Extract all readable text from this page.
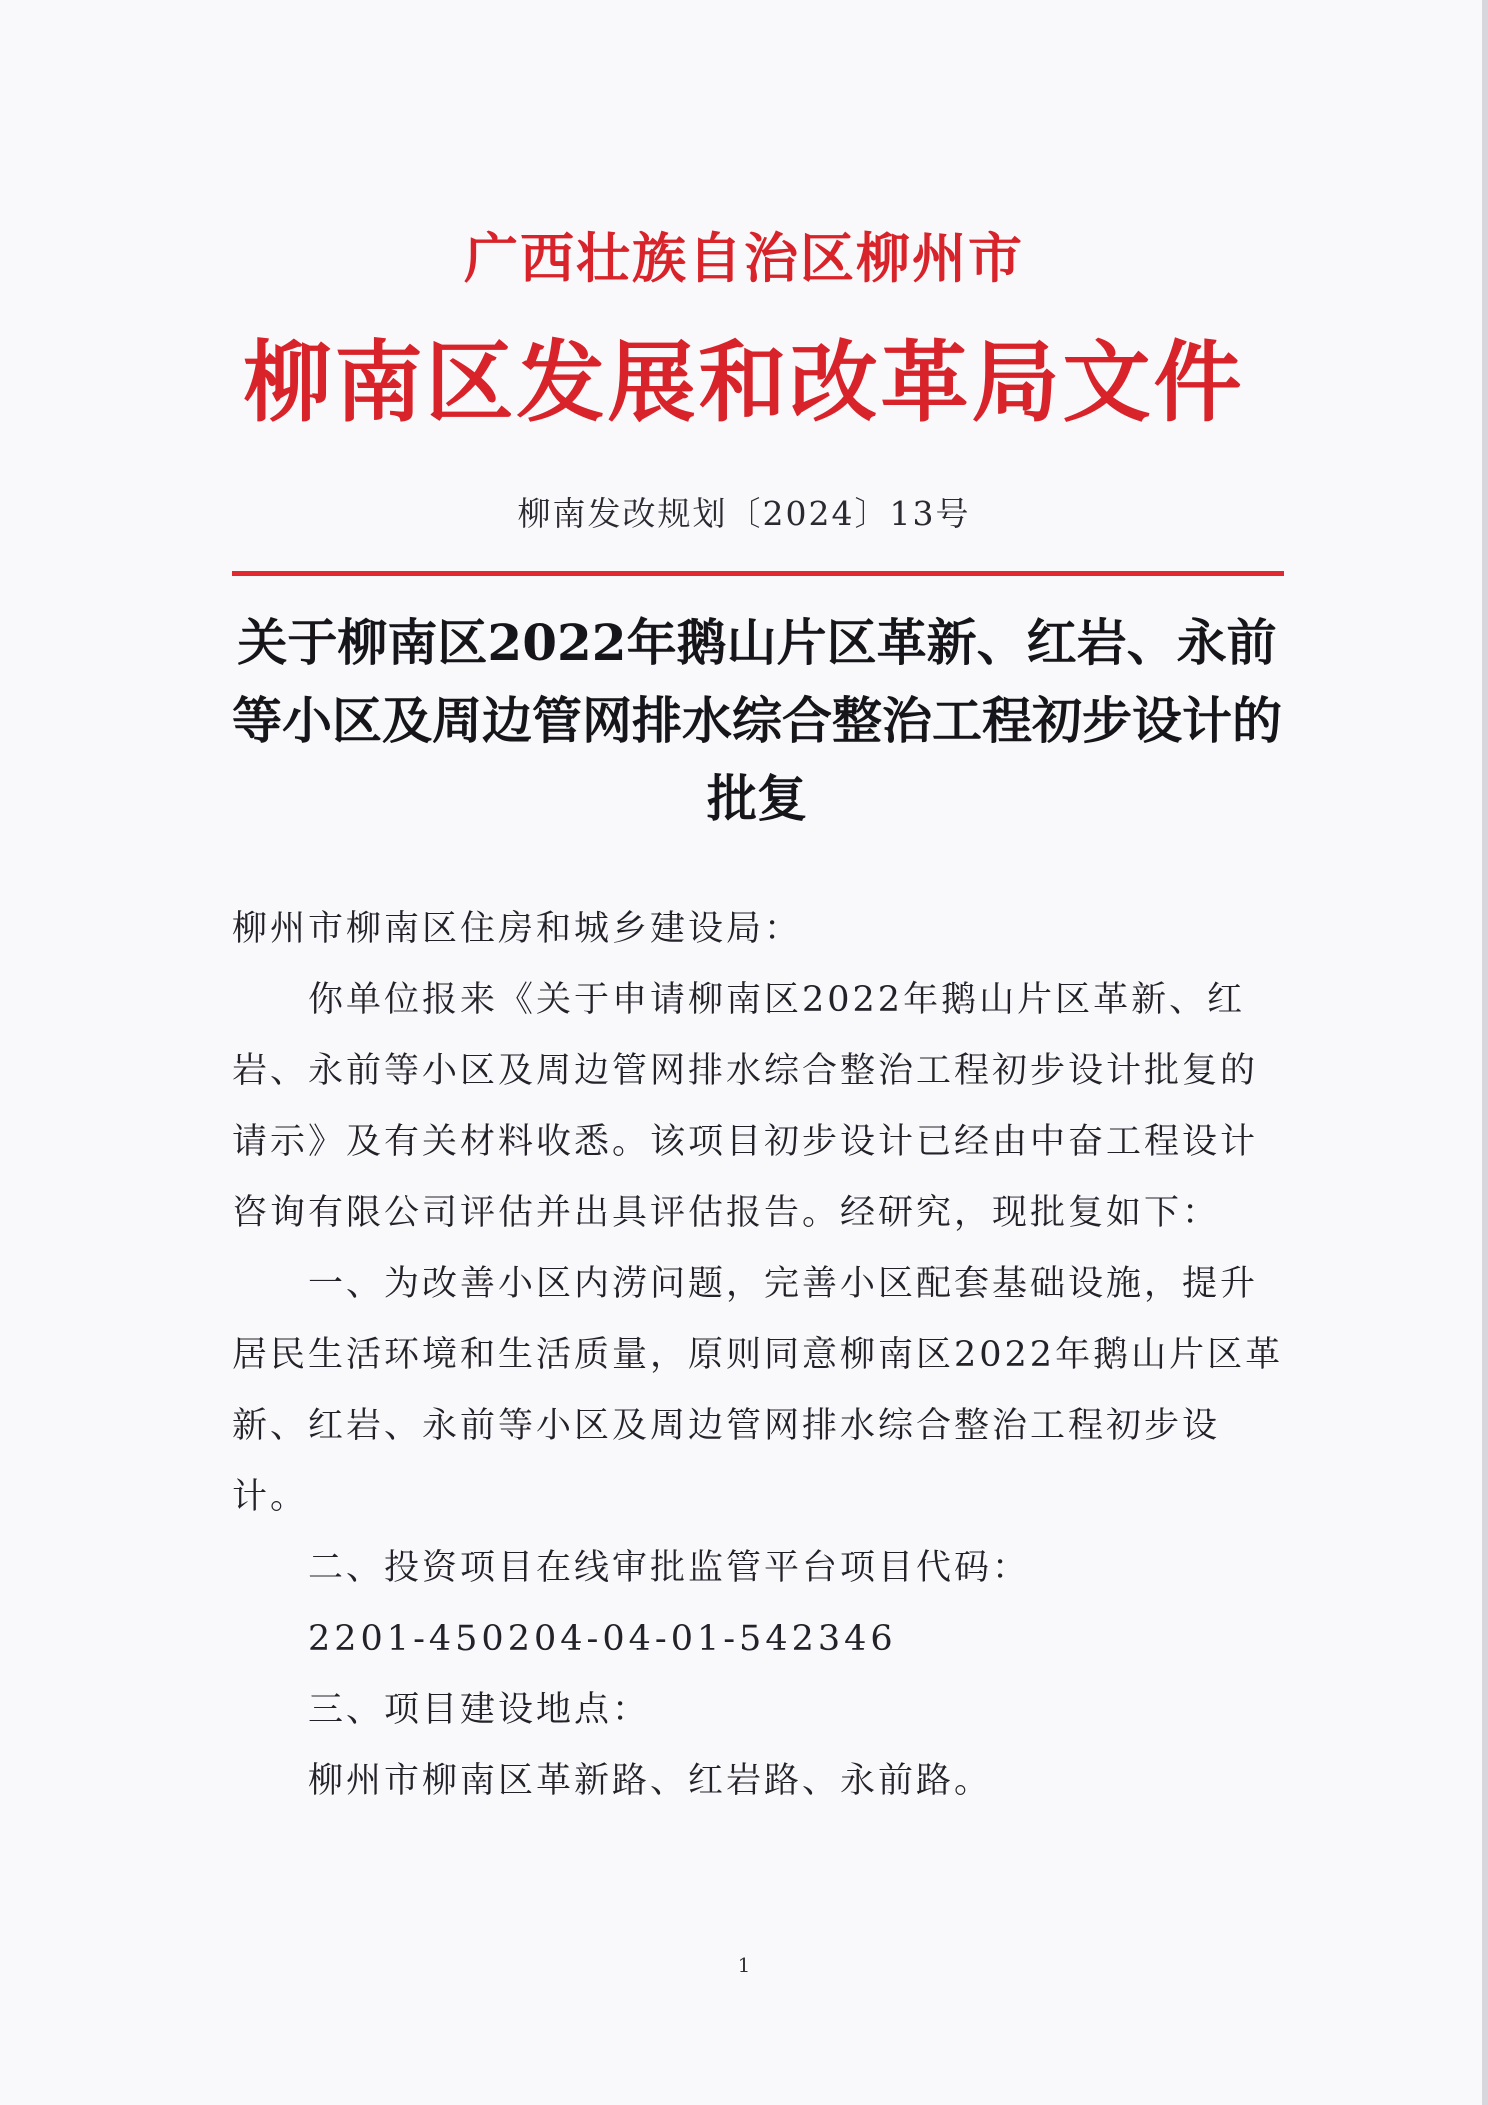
广西壮族自治区柳州市
柳南区发展和改革局文件
柳南发改规划〔2024〕13号
关于柳南区2022年鹅山片区革新、红岩、永前等小区及周边管网排水综合整治工程初步设计的批复

柳州市柳南区住房和城乡建设局：

你单位报来《关于申请柳南区2022年鹅山片区革新、红岩、永前等小区及周边管网排水综合整治工程初步设计批复的请示》及有关材料收悉。该项目初步设计已经由中奋工程设计咨询有限公司评估并出具评估报告。经研究，现批复如下：

一、为改善小区内涝问题，完善小区配套基础设施，提升居民生活环境和生活质量，原则同意柳南区2022年鹅山片区革新、红岩、永前等小区及周边管网排水综合整治工程初步设计。

二、投资项目在线审批监管平台项目代码：

2201-450204-04-01-542346

三、项目建设地点：

柳州市柳南区革新路、红岩路、永前路。

1
